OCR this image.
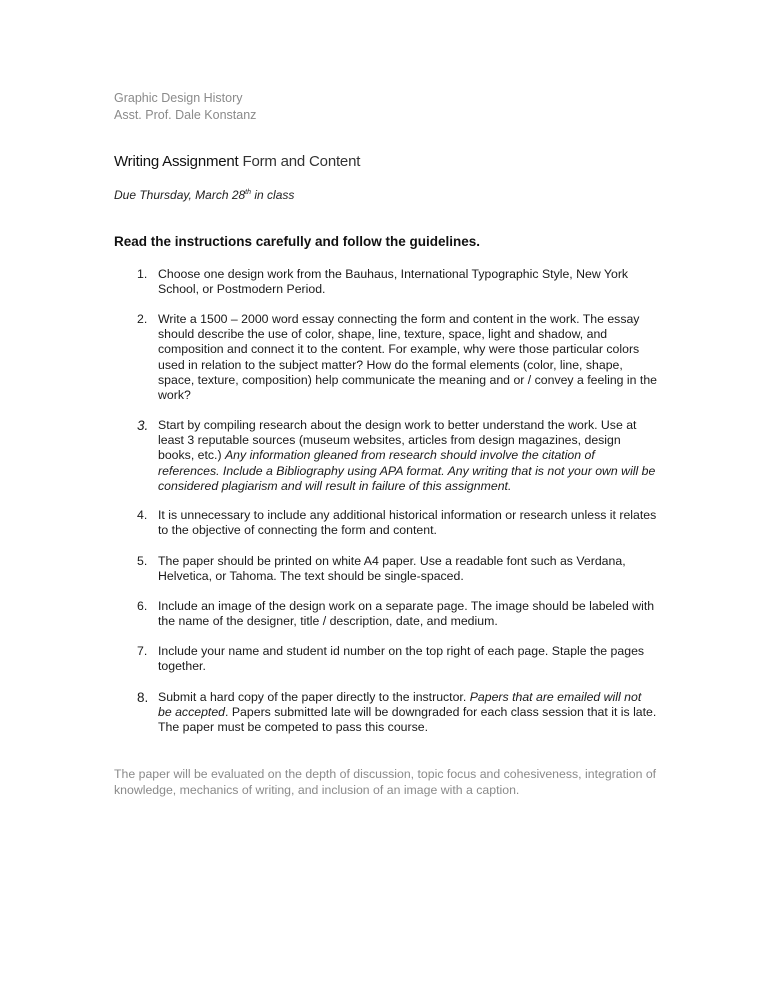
Graphic Design History
Asst. Prof. Dale Konstanz
Writing Assignment Form and Content
Due Thursday, March 28th in class
Read the instructions carefully and follow the guidelines.
1. Choose one design work from the Bauhaus, International Typographic Style, New York School, or Postmodern Period.
2. Write a 1500 – 2000 word essay connecting the form and content in the work. The essay should describe the use of color, shape, line, texture, space, light and shadow, and composition and connect it to the content. For example, why were those particular colors used in relation to the subject matter? How do the formal elements (color, line, shape, space, texture, composition) help communicate the meaning and or / convey a feeling in the work?
3. Start by compiling research about the design work to better understand the work. Use at least 3 reputable sources (museum websites, articles from design magazines, design books, etc.) Any information gleaned from research should involve the citation of references. Include a Bibliography using APA format. Any writing that is not your own will be considered plagiarism and will result in failure of this assignment.
4. It is unnecessary to include any additional historical information or research unless it relates to the objective of connecting the form and content.
5. The paper should be printed on white A4 paper. Use a readable font such as Verdana, Helvetica, or Tahoma. The text should be single-spaced.
6. Include an image of the design work on a separate page. The image should be labeled with the name of the designer, title / description, date, and medium.
7. Include your name and student id number on the top right of each page. Staple the pages together.
8. Submit a hard copy of the paper directly to the instructor. Papers that are emailed will not be accepted. Papers submitted late will be downgraded for each class session that it is late. The paper must be competed to pass this course.
The paper will be evaluated on the depth of discussion, topic focus and cohesiveness, integration of knowledge, mechanics of writing, and inclusion of an image with a caption.
